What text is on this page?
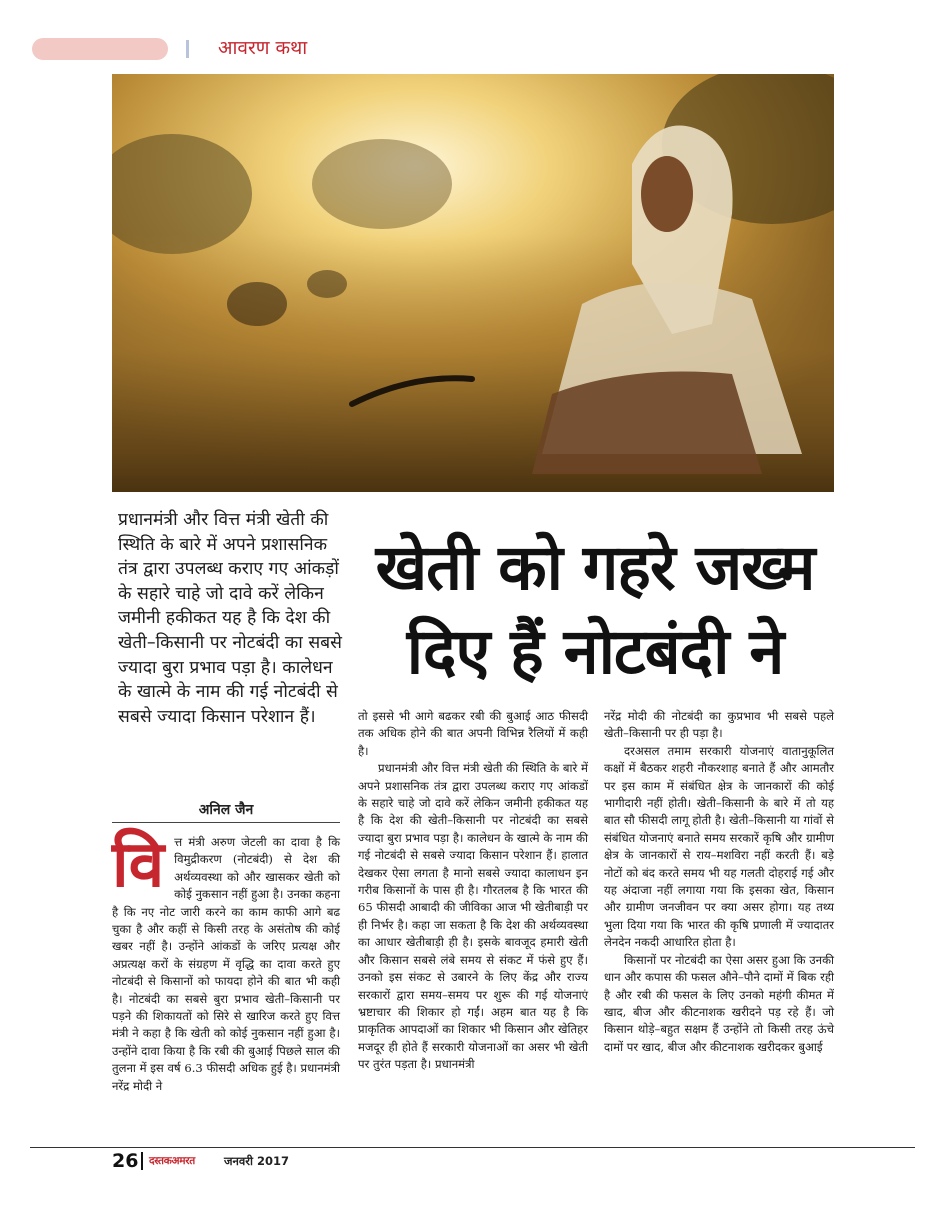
आवरण कथा
प्रधानमंत्री और वित्त मंत्री खेती की स्थिति के बारे में अपने प्रशासनिक तंत्र द्वारा उपलब्ध कराए गए आंकड़ों के सहारे चाहे जो दावे करें लेकिन जमीनी हकीकत यह है कि देश की खेती–किसानी पर नोटबंदी का सबसे ज्यादा बुरा प्रभाव पड़ा है। कालेधन के खात्मे के नाम की गई नोटबंदी से सबसे ज्यादा किसान परेशान हैं।
खेती को गहरे जख्म
दिए हैं नोटबंदी ने
अनिल जैन
वि त्त मंत्री अरुण जेटली का दावा है कि विमुद्रीकरण (नोटबंदी) से देश की अर्थव्यवस्था को और खासकर खेती को कोई नुकसान नहीं हुआ है। उनका कहना है कि नए नोट जारी करने का काम काफी आगे बढ चुका है और कहीं से किसी तरह के असंतोष की कोई खबर नहीं है। उन्होंने आंकडों के जरिए प्रत्यक्ष और अप्रत्यक्ष करों के संग्रहण में वृद्धि का दावा करते हुए नोटबंदी से किसानों को फायदा होने की बात भी कही है। नोटबंदी का सबसे बुरा प्रभाव खेती–किसानी पर पड़ने की शिकायतों को सिरे से खारिज करते हुए वित्त मंत्री ने कहा है कि खेती को कोई नुकसान नहीं हुआ है। उन्होंने दावा किया है कि रबी की बुआई पिछले साल की तुलना में इस वर्ष 6.3 फीसदी अधिक हुई है। प्रधानमंत्री नरेंद्र मोदी ने

तो इससे भी आगे बढकर रबी की बुआई आठ फीसदी तक अधिक होने की बात अपनी विभिन्न रैलियों में कही है।

प्रधानमंत्री और वित्त मंत्री खेती की स्थिति के बारे में अपने प्रशासनिक तंत्र द्वारा उपलब्ध कराए गए आंकडों के सहारे चाहे जो दावे करें लेकिन जमीनी हकीकत यह है कि देश की खेती–किसानी पर नोटबंदी का सबसे ज्यादा बुरा प्रभाव पड़ा है। कालेधन के खात्मे के नाम की गई नोटबंदी से सबसे ज्यादा किसान परेशान हैं। हालात देखकर ऐसा लगता है मानो सबसे ज्यादा कालाधन इन गरीब किसानों के पास ही है। गौरतलब है कि भारत की 65 फीसदी आबादी की जीविका आज भी खेतीबाड़ी पर ही निर्भर है। कहा जा सकता है कि देश की अर्थव्यवस्था का आधार खेतीबाड़ी ही है। इसके बावजूद हमारी खेती और किसान सबसे लंबे समय से संकट में फंसे हुए हैं। उनको इस संकट से उबारने के लिए केंद्र और राज्य सरकारों द्वारा समय–समय पर शुरू की गई योजनाएं भ्रष्टाचार की शिकार हो गईं। अहम बात यह है कि प्राकृतिक आपदाओं का शिकार भी किसान और खेतिहर मजदूर ही होते हैं सरकारी योजनाओं का असर भी खेती पर तुरंत पड़ता है। प्रधानमंत्री

नरेंद्र मोदी की नोटबंदी का कुप्रभाव भी सबसे पहले खेती–किसानी पर ही पड़ा है।

दरअसल तमाम सरकारी योजनाएं वातानुकूलित कक्षों में बैठकर शहरी नौकरशाह बनाते हैं और आमतौर पर इस काम में संबंधित क्षेत्र के जानकारों की कोई भागीदारी नहीं होती। खेती–किसानी के बारे में तो यह बात सौ फीसदी लागू होती है। खेती–किसानी या गांवों से संबंधित योजनाएं बनाते समय सरकारें कृषि और ग्रामीण क्षेत्र के जानकारों से राय–मशविरा नहीं करती हैं। बड़े नोटों को बंद करते समय भी यह गलती दोहराई गई और यह अंदाजा नहीं लगाया गया कि इसका खेत, किसान और ग्रामीण जनजीवन पर क्या असर होगा। यह तथ्य भुला दिया गया कि भारत की कृषि प्रणाली में ज्यादातर लेनदेन नकदी आधारित होता है।

किसानों पर नोटबंदी का ऐसा असर हुआ कि उनकी धान और कपास की फसल औने–पौने दामों में बिक रही है और रबी की फसल के लिए उनको महंगी कीमत में खाद, बीज और कीटनाशक खरीदने पड़ रहे हैं। जो किसान थोड़े–बहुत सक्षम हैं उन्होंने तो किसी तरह ऊंचे दामों पर खाद, बीज और कीटनाशक खरीदकर बुआई

26 दस्तकअमरत	जनवरी 2017
